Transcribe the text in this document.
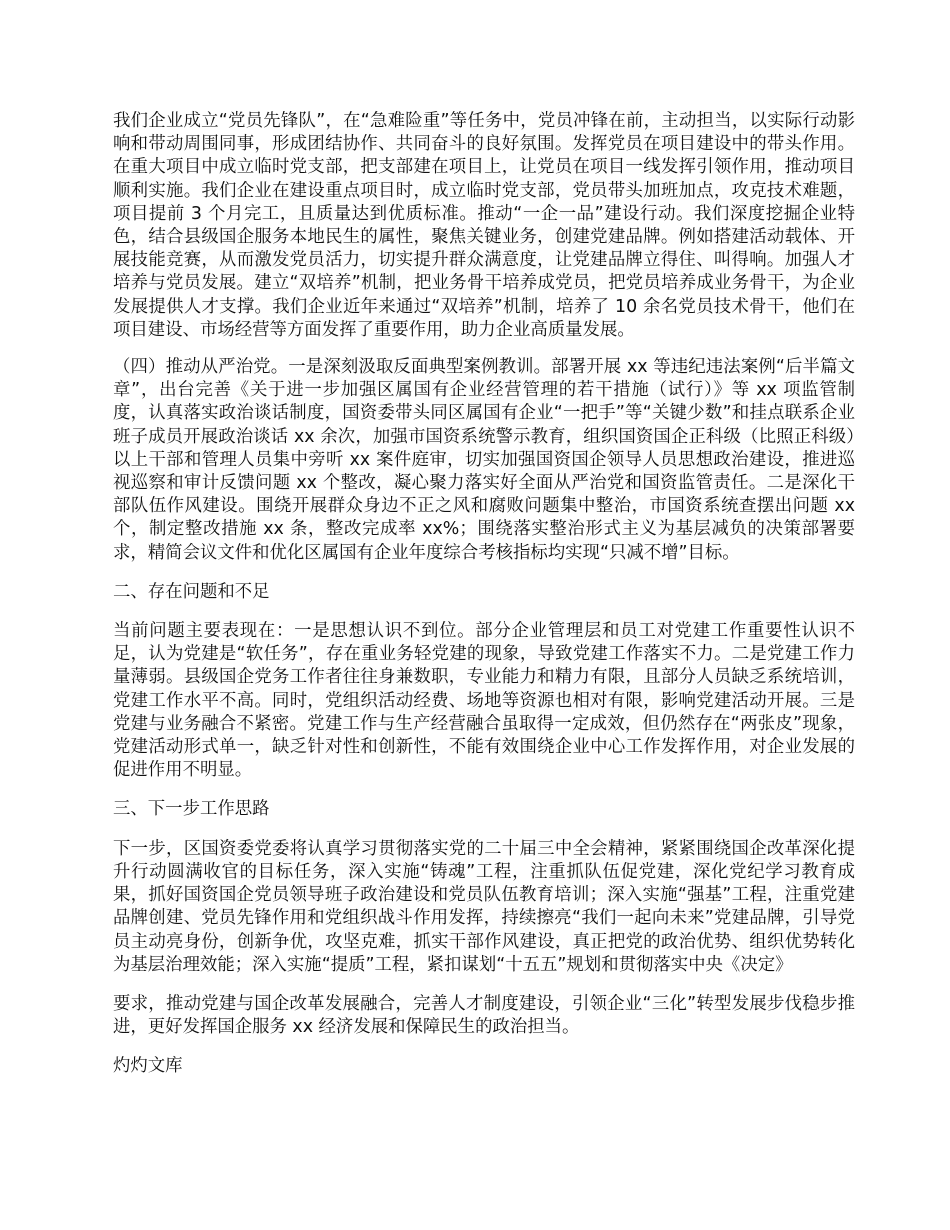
我们企业成立“党员先锋队”，在“急难险重”等任务中，党员冲锋在前，主动担当，以实际行动影响和带动周围同事，形成团结协作、共同奋斗的良好氛围。发挥党员在项目建设中的带头作用。在重大项目中成立临时党支部，把支部建在项目上，让党员在项目一线发挥引领作用，推动项目顺利实施。我们企业在建设重点项目时，成立临时党支部，党员带头加班加点，攻克技术难题，项目提前 3 个月完工，且质量达到优质标准。推动“一企一品”建设行动。我们深度挖掘企业特色，结合县级国企服务本地民生的属性，聚焦关键业务，创建党建品牌。例如搭建活动载体、开展技能竞赛，从而激发党员活力，切实提升群众满意度，让党建品牌立得住、叫得响。加强人才培养与党员发展。建立“双培养”机制，把业务骨干培养成党员，把党员培养成业务骨干，为企业发展提供人才支撑。我们企业近年来通过“双培养”机制，培养了 10 余名党员技术骨干，他们在项目建设、市场经营等方面发挥了重要作用，助力企业高质量发展。

（四）推动从严治党。一是深刻汲取反面典型案例教训。部署开展 xx 等违纪违法案例“后半篇文章”，出台完善《关于进一步加强区属国有企业经营管理的若干措施（试行）》等 xx 项监管制度，认真落实政治谈话制度，国资委带头同区属国有企业“一把手”等“关键少数”和挂点联系企业班子成员开展政治谈话 xx 余次，加强市国资系统警示教育，组织国资国企正科级（比照正科级）以上干部和管理人员集中旁听 xx 案件庭审，切实加强国资国企领导人员思想政治建设，推进巡视巡察和审计反馈问题 xx 个整改，凝心聚力落实好全面从严治党和国资监管责任。二是深化干部队伍作风建设。围绕开展群众身边不正之风和腐败问题集中整治，市国资系统查摆出问题 xx 个，制定整改措施 xx 条，整改完成率 xx%；围绕落实整治形式主义为基层减负的决策部署要求，精简会议文件和优化区属国有企业年度综合考核指标均实现“只减不增”目标。

二、存在问题和不足

当前问题主要表现在：一是思想认识不到位。部分企业管理层和员工对党建工作重要性认识不足，认为党建是“软任务”，存在重业务轻党建的现象，导致党建工作落实不力。二是党建工作力量薄弱。县级国企党务工作者往往身兼数职，专业能力和精力有限，且部分人员缺乏系统培训，党建工作水平不高。同时，党组织活动经费、场地等资源也相对有限，影响党建活动开展。三是党建与业务融合不紧密。党建工作与生产经营融合虽取得一定成效，但仍然存在“两张皮”现象，党建活动形式单一，缺乏针对性和创新性，不能有效围绕企业中心工作发挥作用，对企业发展的促进作用不明显。

三、下一步工作思路

下一步，区国资委党委将认真学习贯彻落实党的二十届三中全会精神，紧紧围绕国企改革深化提升行动圆满收官的目标任务，深入实施“铸魂”工程，注重抓队伍促党建，深化党纪学习教育成果，抓好国资国企党员领导班子政治建设和党员队伍教育培训；深入实施“强基”工程，注重党建品牌创建、党员先锋作用和党组织战斗作用发挥，持续擦亮“我们一起向未来”党建品牌，引导党员主动亮身份，创新争优，攻坚克难，抓实干部作风建设，真正把党的政治优势、组织优势转化为基层治理效能；深入实施“提质”工程，紧扣谋划“十五五”规划和贯彻落实中央《决定》

要求，推动党建与国企改革发展融合，完善人才制度建设，引领企业“三化”转型发展步伐稳步推进，更好发挥国企服务 xx 经济发展和保障民生的政治担当。

灼灼文库
